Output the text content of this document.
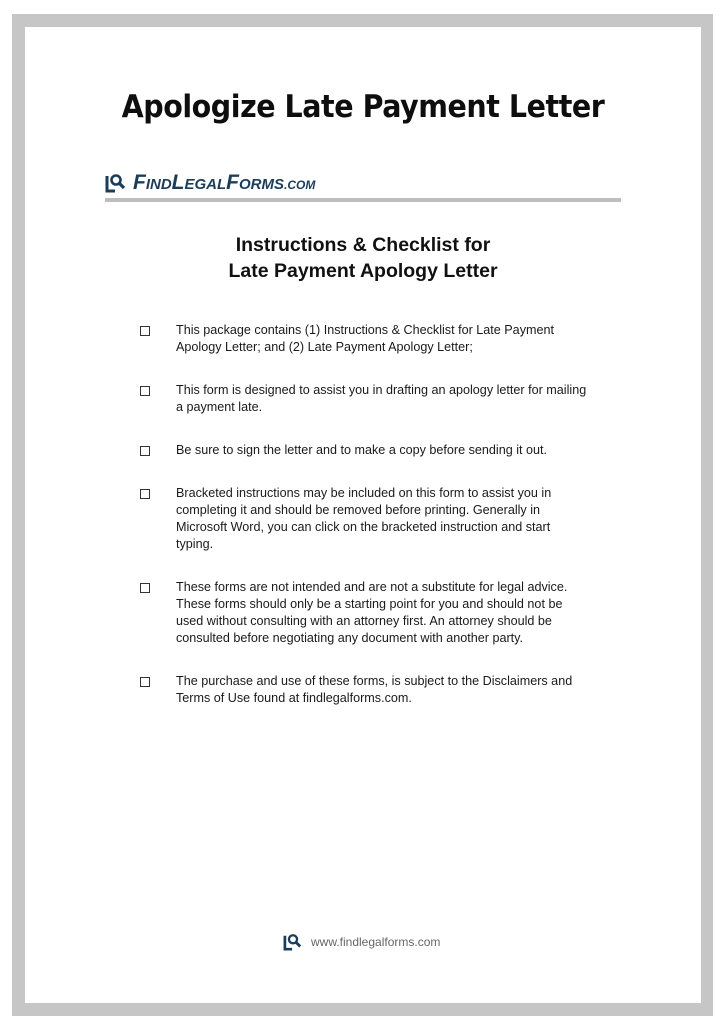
Apologize Late Payment Letter
FINDLEGALFORMS.COM
Instructions & Checklist for
Late Payment Apology Letter
This package contains (1) Instructions & Checklist for Late Payment Apology Letter; and (2) Late Payment Apology Letter;
This form is designed to assist you in drafting an apology letter for mailing a payment late.
Be sure to sign the letter and to make a copy before sending it out.
Bracketed instructions may be included on this form to assist you in completing it and should be removed before printing. Generally in Microsoft Word, you can click on the bracketed instruction and start typing.
These forms are not intended and are not a substitute for legal advice. These forms should only be a starting point for you and should not be used without consulting with an attorney first. An attorney should be consulted before negotiating any document with another party.
The purchase and use of these forms, is subject to the Disclaimers and Terms of Use found at findlegalforms.com.
www.findlegalforms.com
